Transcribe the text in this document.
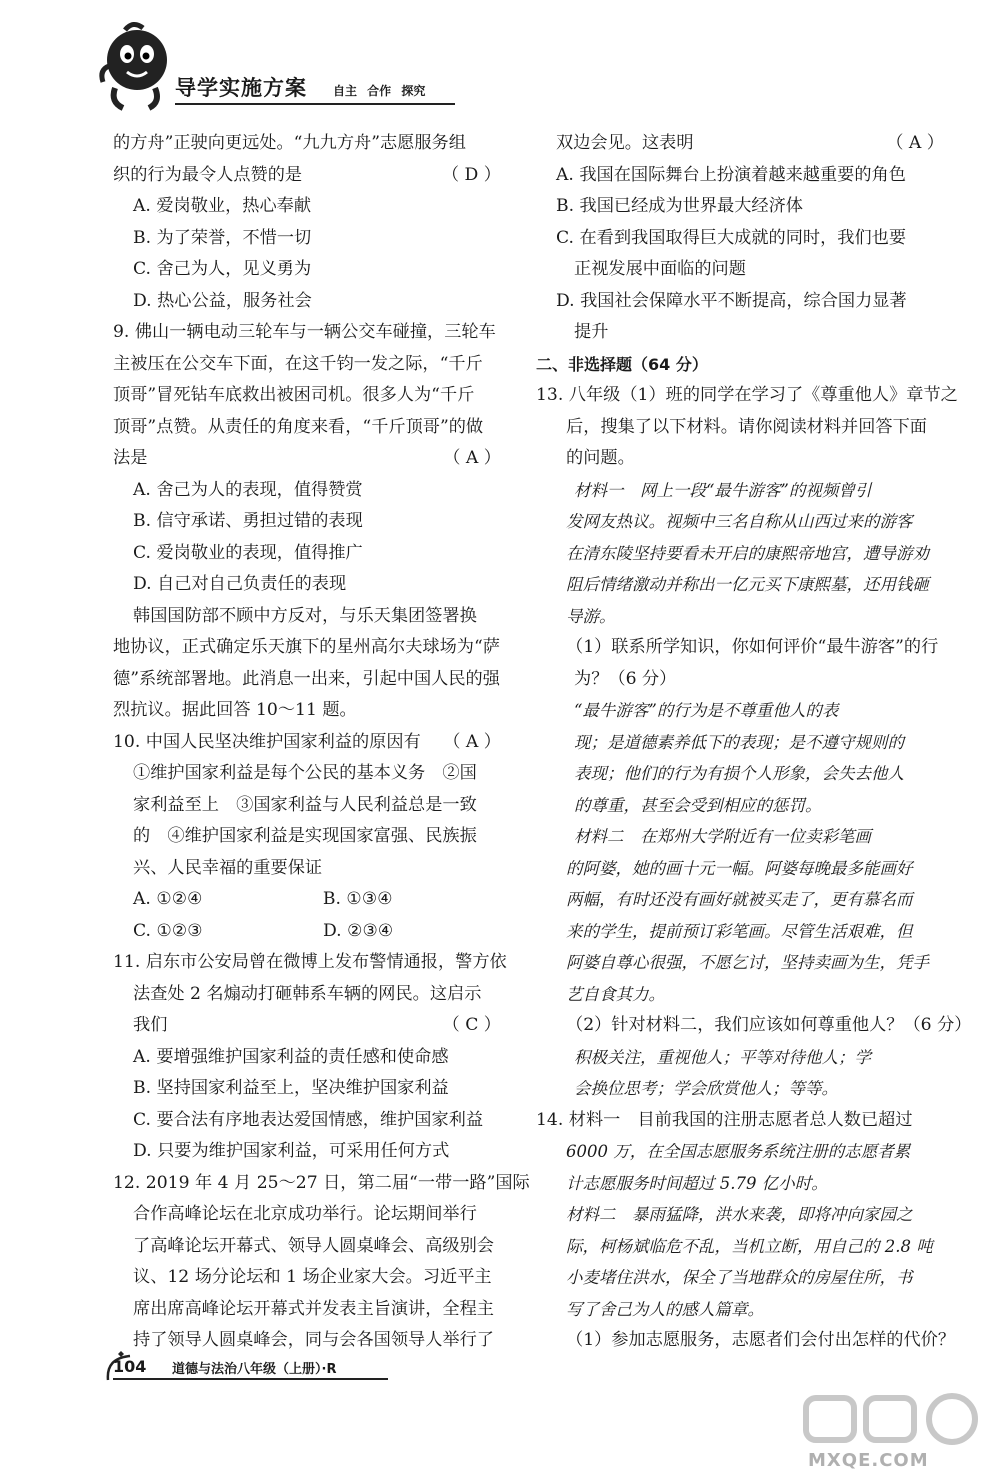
导学实施方案 自主 合作 探究
的方舟”正驶向更远处。“九九方舟”志愿服务组
织的行为最令人点赞的是	（ D ）
A. 爱岗敬业，热心奉献
B. 为了荣誉，不惜一切
C. 舍己为人，见义勇为
D. 热心公益，服务社会
9. 佛山一辆电动三轮车与一辆公交车碰撞，三轮车
主被压在公交车下面，在这千钧一发之际，“千斤
顶哥”冒死钻车底救出被困司机。很多人为“千斤
顶哥”点赞。从责任的角度来看，“千斤顶哥”的做
法是	（ A ）
A. 舍己为人的表现，值得赞赏
B. 信守承诺、勇担过错的表现
C. 爱岗敬业的表现，值得推广
D. 自己对自己负责任的表现
韩国国防部不顾中方反对，与乐天集团签署换
地协议，正式确定乐天旗下的星州高尔夫球场为“萨
德”系统部署地。此消息一出来，引起中国人民的强
烈抗议。据此回答 10～11 题。
10. 中国人民坚决维护国家利益的原因有 （ A ）
①维护国家利益是每个公民的基本义务　②国
家利益至上　③国家利益与人民利益总是一致
的　④维护国家利益是实现国家富强、民族振
兴、人民幸福的重要保证
A. ①②④　　　　　　　B. ①③④
C. ①②③　　　　　　　D. ②③④
11. 启东市公安局曾在微博上发布警情通报，警方依
法查处 2 名煽动打砸韩系车辆的网民。这启示
我们	（ C ）
A. 要增强维护国家利益的责任感和使命感
B. 坚持国家利益至上，坚决维护国家利益
C. 要合法有序地表达爱国情感，维护国家利益
D. 只要为维护国家利益，可采用任何方式
12. 2019 年 4 月 25～27 日，第二届“一带一路”国际
合作高峰论坛在北京成功举行。论坛期间举行
了高峰论坛开幕式、领导人圆桌峰会、高级别会
议、12 场分论坛和 1 场企业家大会。习近平主
席出席高峰论坛开幕式并发表主旨演讲，全程主
持了领导人圆桌峰会，同与会各国领导人举行了
双边会见。这表明	（ A ）
A. 我国在国际舞台上扮演着越来越重要的角色
B. 我国已经成为世界最大经济体
C. 在看到我国取得巨大成就的同时，我们也要
正视发展中面临的问题
D. 我国社会保障水平不断提高，综合国力显著
提升
二、非选择题（64 分）
13. 八年级（1）班的同学在学习了《尊重他人》章节之
后，搜集了以下材料。请你阅读材料并回答下面
的问题。
材料一　网上一段“最牛游客”的视频曾引
发网友热议。视频中三名自称从山西过来的游客
在清东陵坚持要看未开启的康熙帝地宫，遭导游劝
阻后情绪激动并称出一亿元买下康熙墓，还用钱砸
导游。
（1）联系所学知识，你如何评价“最牛游客”的行
为？（6 分）
“最牛游客”的行为是不尊重他人的表
现；是道德素养低下的表现；是不遵守规则的
表现；他们的行为有损个人形象，会失去他人
的尊重，甚至会受到相应的惩罚。
材料二　在郑州大学附近有一位卖彩笔画
的阿婆，她的画十元一幅。阿婆每晚最多能画好
两幅，有时还没有画好就被买走了，更有慕名而
来的学生，提前预订彩笔画。尽管生活艰难，但
阿婆自尊心很强，不愿乞讨，坚持卖画为生，凭手
艺自食其力。
（2）针对材料二，我们应该如何尊重他人？（6 分）
积极关注，重视他人；平等对待他人；学
会换位思考；学会欣赏他人；等等。
14. 材料一　目前我国的注册志愿者总人数已超过
6000 万，在全国志愿服务系统注册的志愿者累
计志愿服务时间超过 5.79 亿小时。
材料二　暴雨猛降，洪水来袭，即将冲向家园之
际，柯杨斌临危不乱，当机立断，用自己的 2.8 吨
小麦堵住洪水，保全了当地群众的房屋住所，书
写了舍己为人的感人篇章。
（1）参加志愿服务，志愿者们会付出怎样的代价？
104 道德与法治八年级（上册）·R
MXQE.COM
